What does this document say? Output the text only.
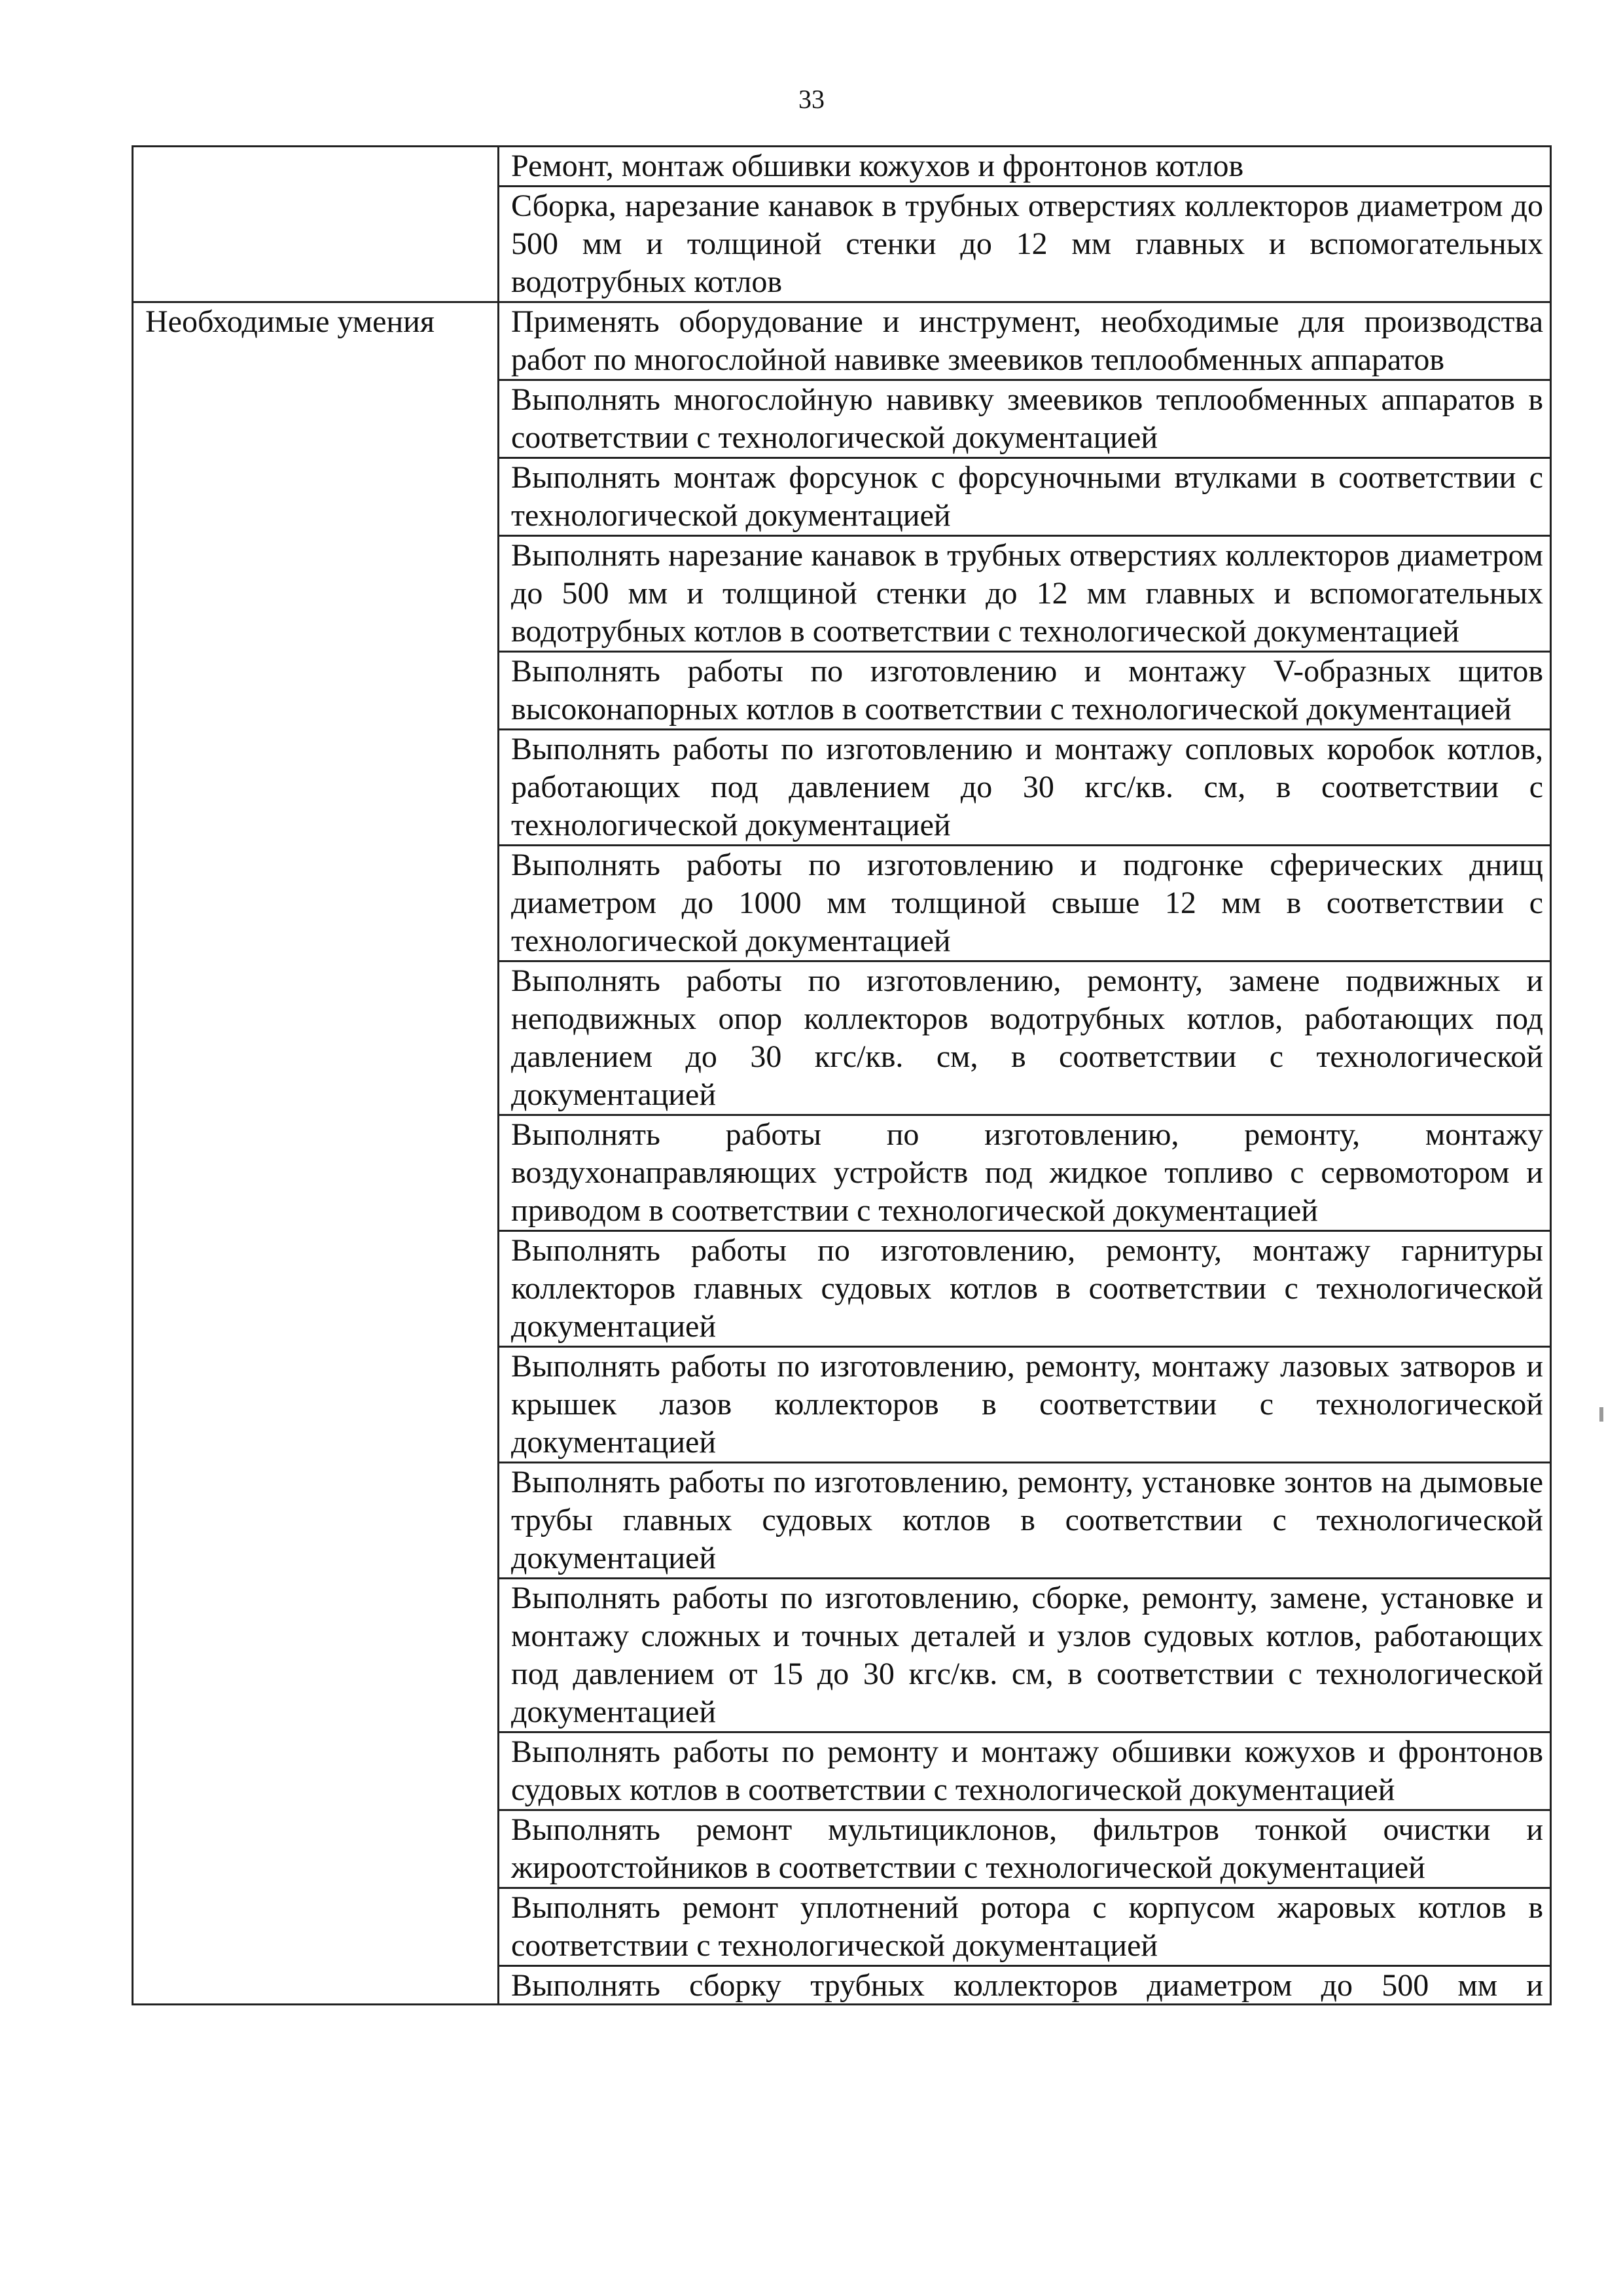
33
	Ремонт, монтаж обшивки кожухов и фронтонов котлов
	Сборка, нарезание канавок в трубных отверстиях коллекторов диаметром до 500 мм и толщиной стенки до 12 мм главных и вспомогательных водотрубных котлов
Необходимые умения	Применять оборудование и инструмент, необходимые для производства работ по многослойной навивке змеевиков теплообменных аппаратов
	Выполнять многослойную навивку змеевиков теплообменных аппаратов в соответствии с технологической документацией
	Выполнять монтаж форсунок с форсуночными втулками в соответствии с технологической документацией
	Выполнять нарезание канавок в трубных отверстиях коллекторов диаметром до 500 мм и толщиной стенки до 12 мм главных и вспомогательных водотрубных котлов в соответствии с технологической документацией
	Выполнять работы по изготовлению и монтажу V-образных щитов высоконапорных котлов в соответствии с технологической документацией
	Выполнять работы по изготовлению и монтажу сопловых коробок котлов, работающих под давлением до 30 кгс/кв. см, в соответствии с технологической документацией
	Выполнять работы по изготовлению и подгонке сферических днищ диаметром до 1000 мм толщиной свыше 12 мм в соответствии с технологической документацией
	Выполнять работы по изготовлению, ремонту, замене подвижных и неподвижных опор коллекторов водотрубных котлов, работающих под давлением до 30 кгс/кв. см, в соответствии с технологической документацией
	Выполнять работы по изготовлению, ремонту, монтажу воздухонаправляющих устройств под жидкое топливо с сервомотором и приводом в соответствии с технологической документацией
	Выполнять работы по изготовлению, ремонту, монтажу гарнитуры коллекторов главных судовых котлов в соответствии с технологической документацией
	Выполнять работы по изготовлению, ремонту, монтажу лазовых затворов и крышек лазов коллекторов в соответствии с технологической документацией
	Выполнять работы по изготовлению, ремонту, установке зонтов на дымовые трубы главных судовых котлов в соответствии с технологической документацией
	Выполнять работы по изготовлению, сборке, ремонту, замене, установке и монтажу сложных и точных деталей и узлов судовых котлов, работающих под давлением от 15 до 30 кгс/кв. см, в соответствии с технологической документацией
	Выполнять работы по ремонту и монтажу обшивки кожухов и фронтонов судовых котлов в соответствии с технологической документацией
	Выполнять ремонт мультициклонов, фильтров тонкой очистки и жироотстойников в соответствии с технологической документацией
	Выполнять ремонт уплотнений ротора с корпусом жаровых котлов в соответствии с технологической документацией

	Выполнять сборку трубных коллекторов диаметром до 500 мм и
